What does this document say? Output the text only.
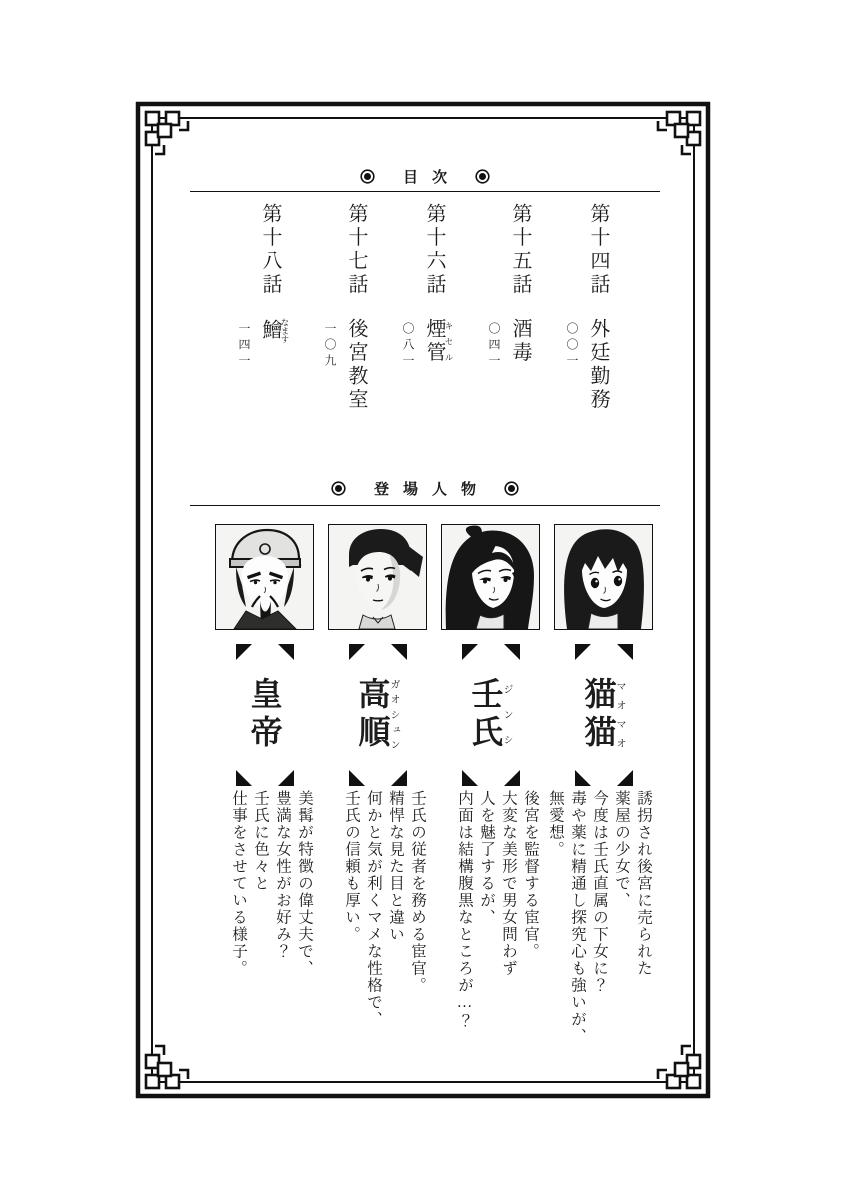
目次
〇〇一
第十四話外廷勤務
〇四一
第十五話酒毒
〇八一
第十六話煙管 キセル
一〇九
第十七話後宮教室
一四一
第十八話鱠 なます
登場人物
猫猫マオマオ
誘拐され後宮に売られた
薬屋の少女で、
今度は壬氏直属の下女に？
毒や薬に精通し探究心も強いが、
無愛想。
壬氏ジンシ
後宮を監督する宦官。
大変な美形で男女問わず
人を魅了するが、
内面は結構腹黒なところが…？
高順ガオシュン
壬氏の従者を務める宦官。
精悍な見た目と違い
何かと気が利くマメな性格で、
壬氏の信頼も厚い。
皇帝
美髯が特徴の偉丈夫で、
豊満な女性がお好み？
壬氏に色々と
仕事をさせている様子。
